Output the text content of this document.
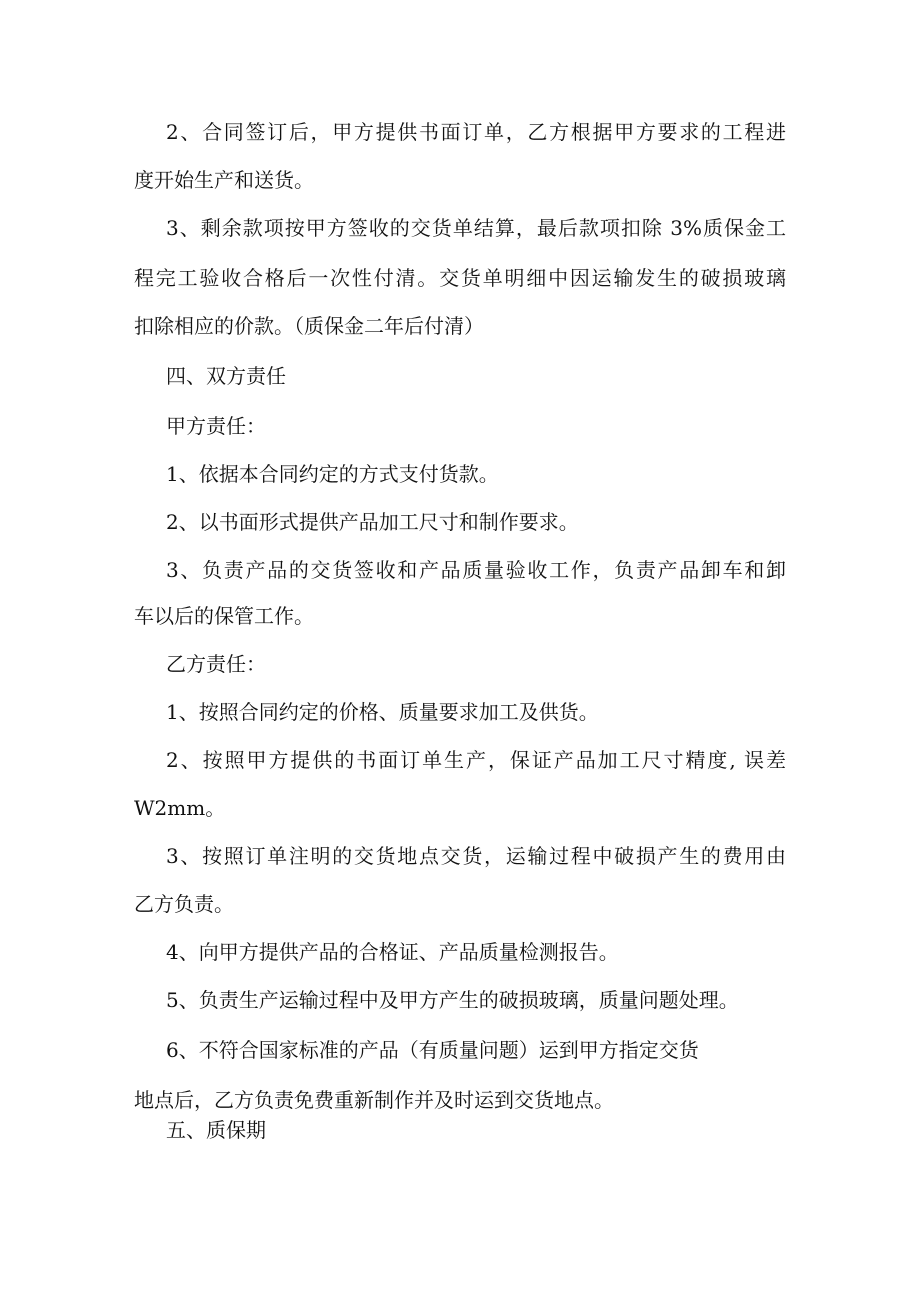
2、合同签订后，甲方提供书面订单，乙方根据甲方要求的工程进
度开始生产和送货。
3、剩余款项按甲方签收的交货单结算，最后款项扣除 3%质保金工
程完工验收合格后一次性付清。交货单明细中因运输发生的破损玻璃
扣除相应的价款。（质保金二年后付清）
四、双方责任
甲方责任：
1、依据本合同约定的方式支付货款。
2、以书面形式提供产品加工尺寸和制作要求。
3、负责产品的交货签收和产品质量验收工作，负责产品卸车和卸
车以后的保管工作。
乙方责任：
1、按照合同约定的价格、质量要求加工及供货。
2、按照甲方提供的书面订单生产，保证产品加工尺寸精度, 误差
W2mm。
3、按照订单注明的交货地点交货，运输过程中破损产生的费用由
乙方负责。
4、向甲方提供产品的合格证、产品质量检测报告。
5、负责生产运输过程中及甲方产生的破损玻璃，质量问题处理。
6、不符合国家标准的产品（有质量问题）运到甲方指定交货
地点后，乙方负责免费重新制作并及时运到交货地点。
五、质保期
